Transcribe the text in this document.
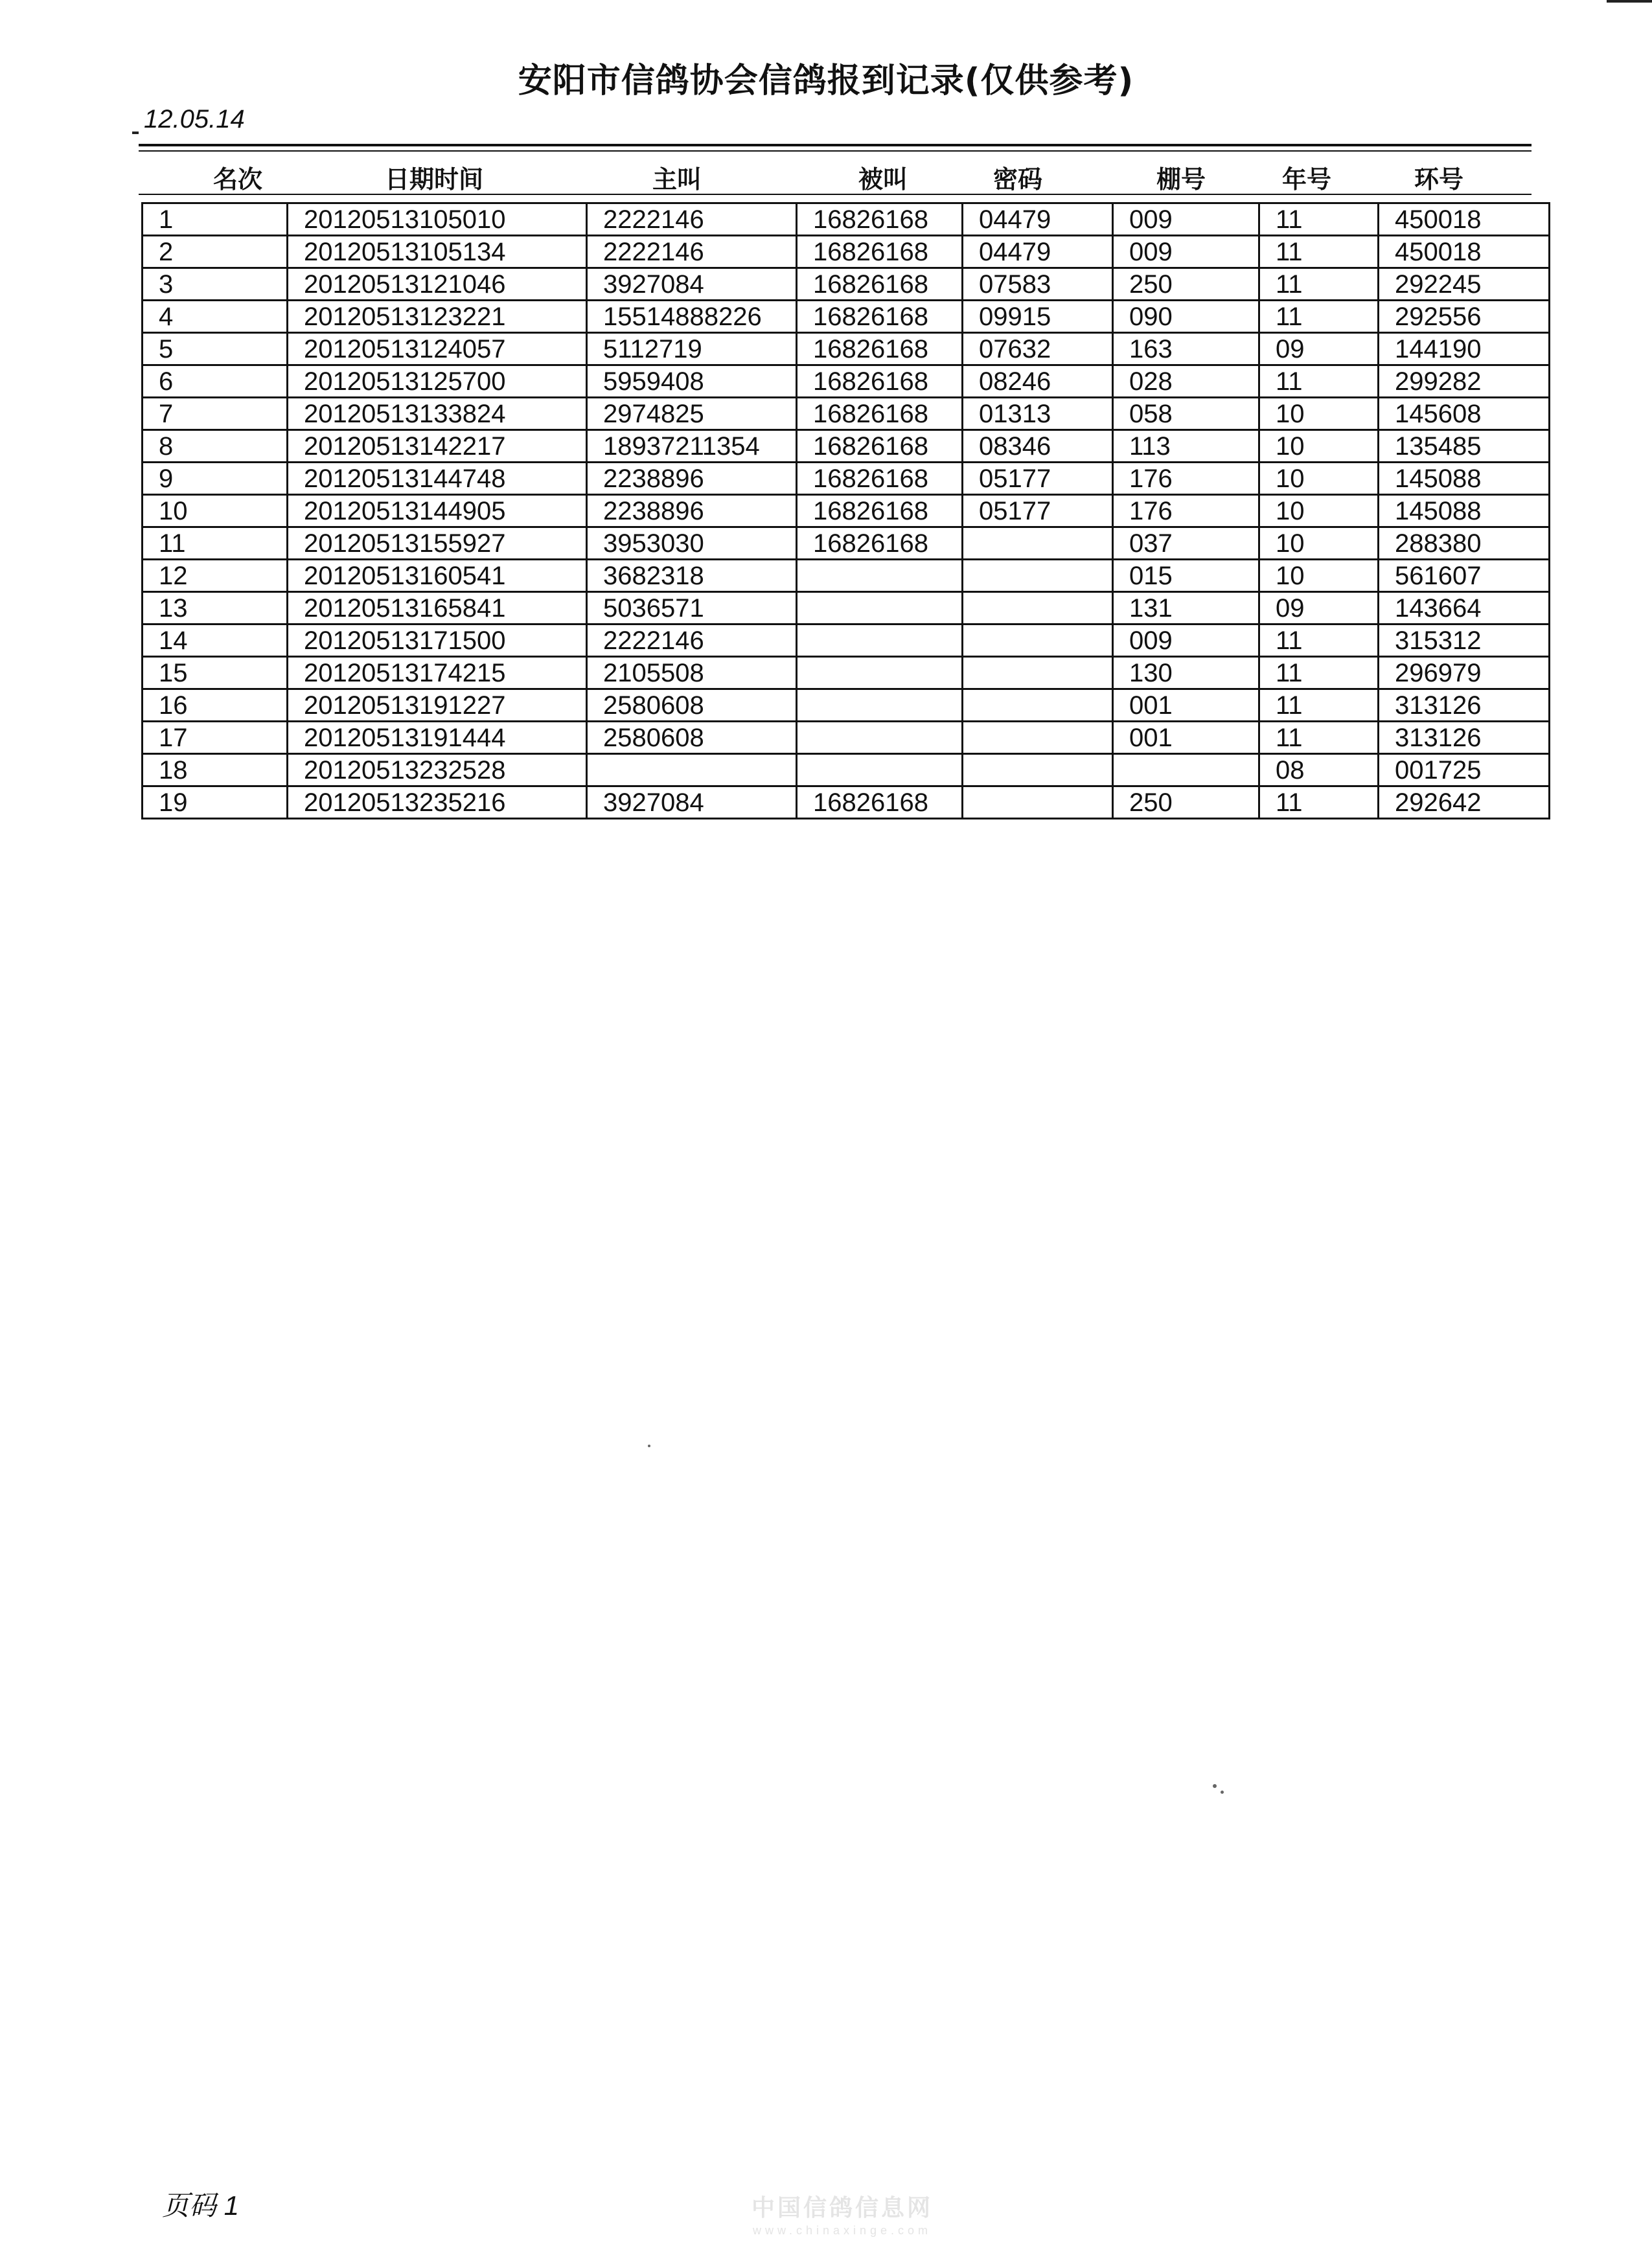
安阳市信鸽协会信鸽报到记录(仅供参考)
12.05.14
名次	日期时间	主叫	被叫	密码	棚号	年号	环号
1	20120513105010	2222146	16826168	04479	009	11	450018
2	20120513105134	2222146	16826168	04479	009	11	450018
3	20120513121046	3927084	16826168	07583	250	11	292245
4	20120513123221	15514888226	16826168	09915	090	11	292556
5	20120513124057	5112719	16826168	07632	163	09	144190
6	20120513125700	5959408	16826168	08246	028	11	299282
7	20120513133824	2974825	16826168	01313	058	10	145608
8	20120513142217	18937211354	16826168	08346	113	10	135485
9	20120513144748	2238896	16826168	05177	176	10	145088
10	20120513144905	2238896	16826168	05177	176	10	145088
11	20120513155927	3953030	16826168		037	10	288380
12	20120513160541	3682318			015	10	561607
13	20120513165841	5036571			131	09	143664
14	20120513171500	2222146			009	11	315312
15	20120513174215	2105508			130	11	296979
16	20120513191227	2580608			001	11	313126
17	20120513191444	2580608			001	11	313126
18	20120513232528					08	001725
19	20120513235216	3927084	16826168		250	11	292642
页码 1	中国信鸽信息网
www.chinaxinge.com
